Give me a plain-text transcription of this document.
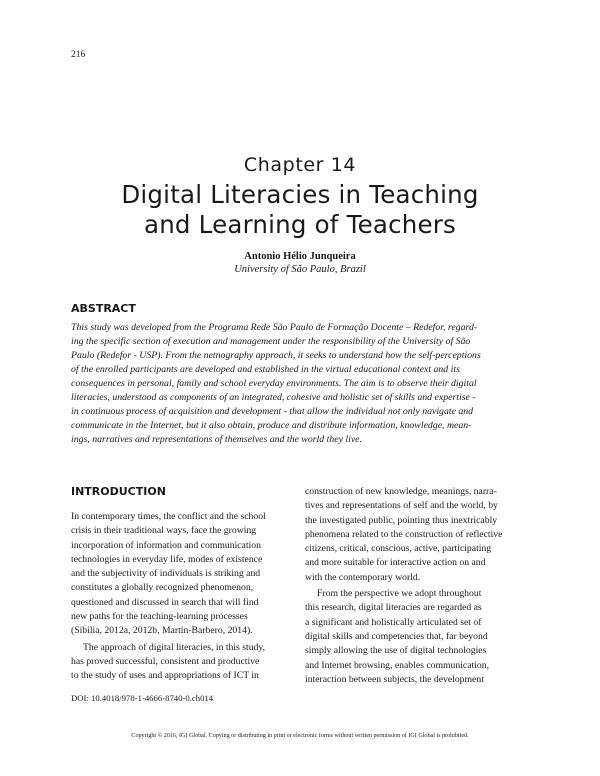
216
Chapter 14
Digital Literacies in Teaching
and Learning of Teachers
Antonio Hélio Junqueira
University of São Paulo, Brazil
ABSTRACT
This study was developed from the Programa Rede São Paulo de Formação Docente – Redefor, regard-
ing the specific section of execution and management under the responsibility of the University of São
Paulo (Redefor - USP). From the netnography approach, it seeks to understand how the self-perceptions
of the enrolled participants are developed and established in the virtual educational context and its
consequences in personal, family and school everyday environments. The aim is to observe their digital
literacies, understood as components of an integrated, cohesive and holistic set of skills and expertise -
in continuous process of acquisition and development - that allow the individual not only navigate and
communicate in the Internet, but it also obtain, produce and distribute information, knowledge, mean-
ings, narratives and representations of themselves and the world they live.
INTRODUCTION
In contemporary times, the conflict and the school
crisis in their traditional ways, face the growing
incorporation of information and communication
technologies in everyday life, modes of existence
and the subjectivity of individuals is striking and
constitutes a globally recognized phenomenon,
questioned and discussed in search that will find
new paths for the teaching-learning processes
(Sibilia, 2012a, 2012b, Martin-Barbero, 2014).
The approach of digital literacies, in this study,
has proved successful, consistent and productive
to the study of uses and appropriations of ICT in
construction of new knowledge, meanings, narra-
tives and representations of self and the world, by
the investigated public, pointing thus inextricably
phenomena related to the construction of reflective
citizens, critical, conscious, active, participating
and more suitable for interactive action on and
with the contemporary world.
From the perspective we adopt throughout
this research, digital literacies are regarded as
a significant and holistically articulated set of
digital skills and competencies that, far beyond
simply allowing the use of digital technologies
and Internet browsing, enables communication,
interaction between subjects, the development
DOI: 10.4018/978-1-4666-8740-0.ch014
Copyright © 2016, IGI Global. Copying or distributing in print or electronic forms without written permission of IGI Global is prohibited.
